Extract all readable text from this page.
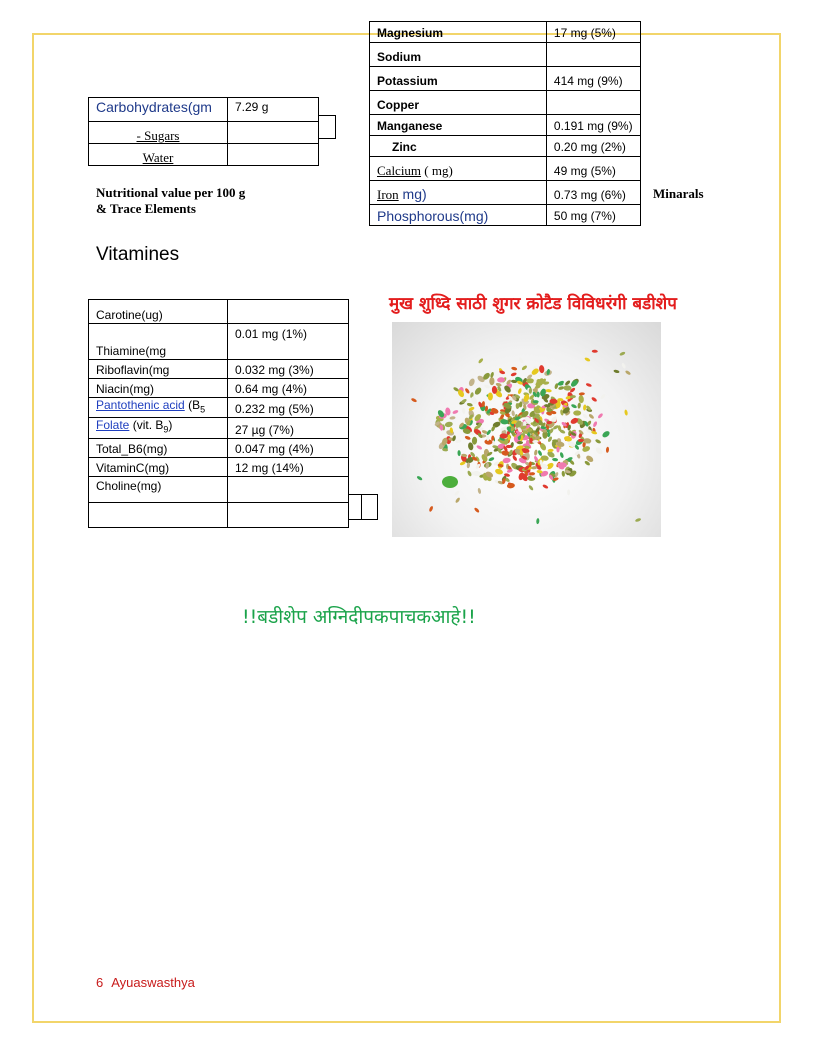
Magnesium	17 mg (5%)
Sodium	
Potassium	414 mg (9%)
Copper	
Manganese	0.191 mg (9%)
Zinc	0.20 mg (2%)
Calcium ( mg)	49 mg (5%)
Iron mg)	0.73 mg (6%)
Phosphorous(mg)	50 mg (7%)
Minarals
Carbohydrates(gm	7.29 g
- Sugars	
Water	
Nutritional value per 100 g
& Trace Elements
Vitamines
Carotine(ug)	
Thiamine(mg	0.01 mg (1%)
Riboflavin(mg	0.032 mg (3%)
Niacin(mg)	0.64 mg (4%)
Pantothenic acid ($B_5$	0.232 mg (5%)
Folate (vit. $B_9$)	27 µg (7%)
Total_B6(mg)	0.047 mg (4%)
VitaminC(mg)	12 mg (14%)
Choline(mg)	

मुख शुध्दि साठी शुगर क्रोटैड विविधरंगी बडीशेप
!!बडीशेप अग्निदीपकपाचकआहे!!
6 Ayuaswasthya
